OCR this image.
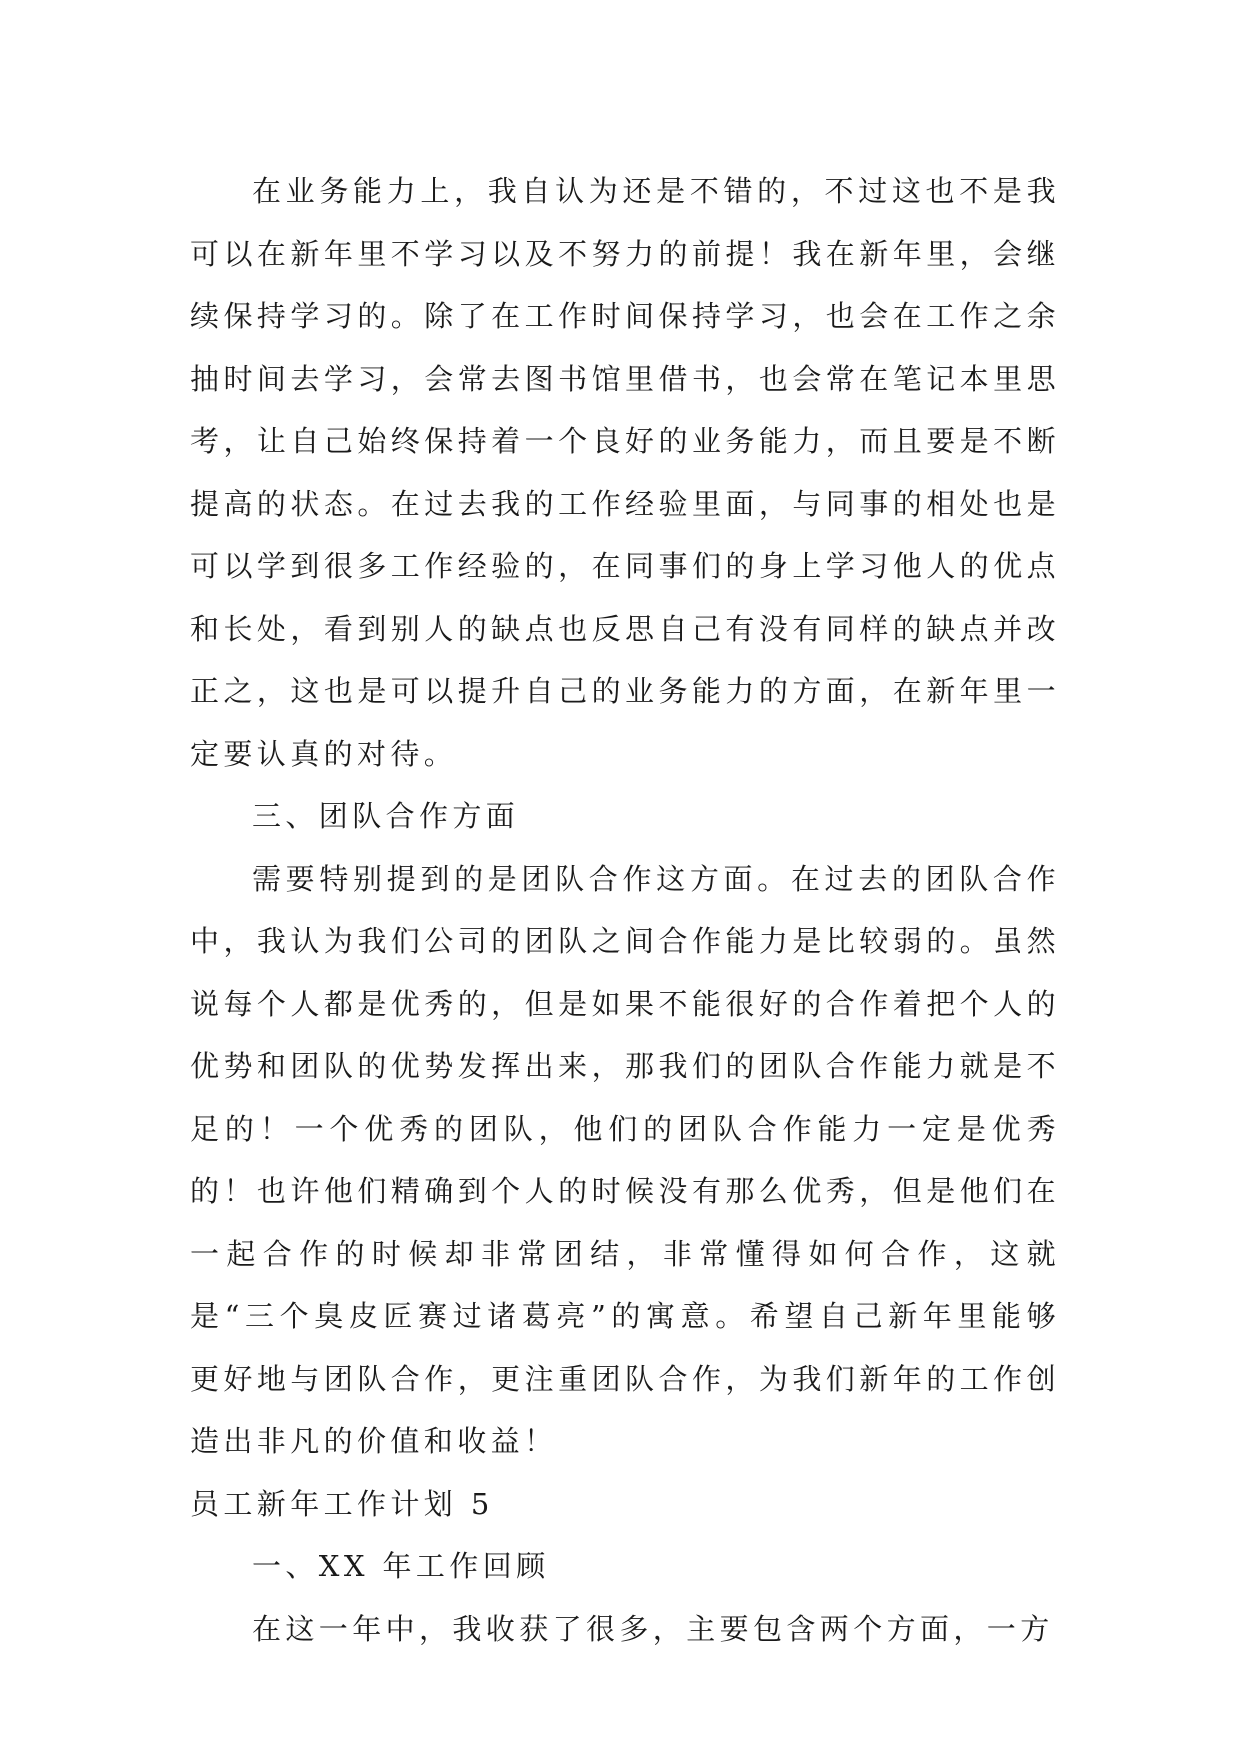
在业务能力上，我自认为还是不错的，不过这也不是我可以在新年里不学习以及不努力的前提！我在新年里，会继续保持学习的。除了在工作时间保持学习，也会在工作之余抽时间去学习，会常去图书馆里借书，也会常在笔记本里思考，让自己始终保持着一个良好的业务能力，而且要是不断提高的状态。在过去我的工作经验里面，与同事的相处也是可以学到很多工作经验的，在同事们的身上学习他人的优点和长处，看到别人的缺点也反思自己有没有同样的缺点并改正之，这也是可以提升自己的业务能力的方面，在新年里一定要认真的对待。

三、团队合作方面

需要特别提到的是团队合作这方面。在过去的团队合作中，我认为我们公司的团队之间合作能力是比较弱的。虽然说每个人都是优秀的，但是如果不能很好的合作着把个人的优势和团队的优势发挥出来，那我们的团队合作能力就是不足的！一个优秀的团队，他们的团队合作能力一定是优秀的！也许他们精确到个人的时候没有那么优秀，但是他们在一起合作的时候却非常团结，非常懂得如何合作，这就是“三个臭皮匠赛过诸葛亮”的寓意。希望自己新年里能够更好地与团队合作，更注重团队合作，为我们新年的工作创造出非凡的价值和收益！

员工新年工作计划 5

一、XX 年工作回顾

在这一年中，我收获了很多，主要包含两个方面，一方
